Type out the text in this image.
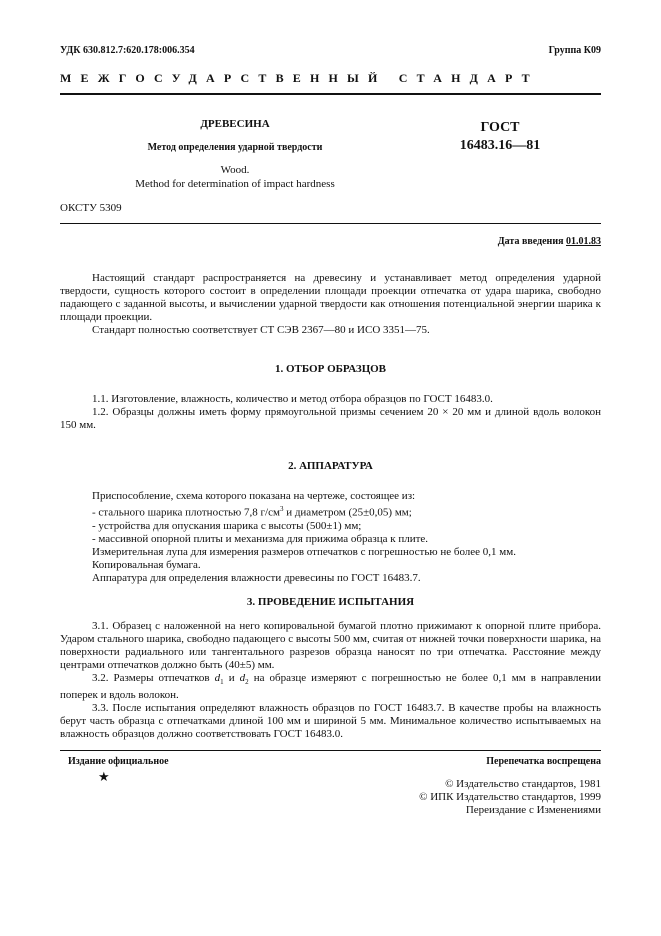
УДК 630.812.7:620.178:006.354	Группа К09
МЕЖГОСУДАРСТВЕННЫЙ СТАНДАРТ
ДРЕВЕСИНА
Метод определения ударной твердости
Wood.
Method for determination of impact hardness
ГОСТ
16483.16—81
ОКСТУ 5309
Дата введения 01.01.83

Настоящий стандарт распространяется на древесину и устанавливает метод определения ударной твердости, сущность которого состоит в определении площади проекции отпечатка от удара шарика, свободно падающего с заданной высоты, и вычислении ударной твердости как отношения потенциальной энергии шарика к площади проекции.

Стандарт полностью соответствует СТ СЭВ 2367—80 и ИСО 3351—75.

1. ОТБОР ОБРАЗЦОВ

1.1. Изготовление, влажность, количество и метод отбора образцов по ГОСТ 16483.0.

1.2. Образцы должны иметь форму прямоугольной призмы сечением 20 × 20 мм и длиной вдоль волокон 150 мм.

2. АППАРАТУРА
Приспособление, схема которого показана на чертеже, состоящее из:
- стального шарика плотностью 7,8 $г/см^3$ и диаметром (25±0,05) мм;
- устройства для опускания шарика с высоты (500±1) мм;
- массивной опорной плиты и механизма для прижима образца к плите.
Измерительная лупа для измерения размеров отпечатков с погрешностью не более 0,1 мм.
Копировальная бумага.
Аппаратура для определения влажности древесины по ГОСТ 16483.7.
3. ПРОВЕДЕНИЕ ИСПЫТАНИЯ

3.1. Образец с наложенной на него копировальной бумагой плотно прижимают к опорной плите прибора. Ударом стального шарика, свободно падающего с высоты 500 мм, считая от нижней точки поверхности шарика, на поверхности радиального или тангентального разрезов образца наносят по три отпечатка. Расстояние между центрами отпечатков должно быть (40±5) мм.

3.2. Размеры отпечатков $d_1$ и $d_2$ на образце измеряют с погрешностью не более 0,1 мм в направлении поперек и вдоль волокон.

3.3. После испытания определяют влажность образцов по ГОСТ 16483.7. В качестве пробы на влажность берут часть образца с отпечатками длиной 100 мм и шириной 5 мм. Минимальное количество испытываемых на влажность образцов должно соответствовать ГОСТ 16483.0.

Издание официальное
★
Перепечатка воспрещена
© Издательство стандартов, 1981
© ИПК Издательство стандартов, 1999
Переиздание с Изменениями
